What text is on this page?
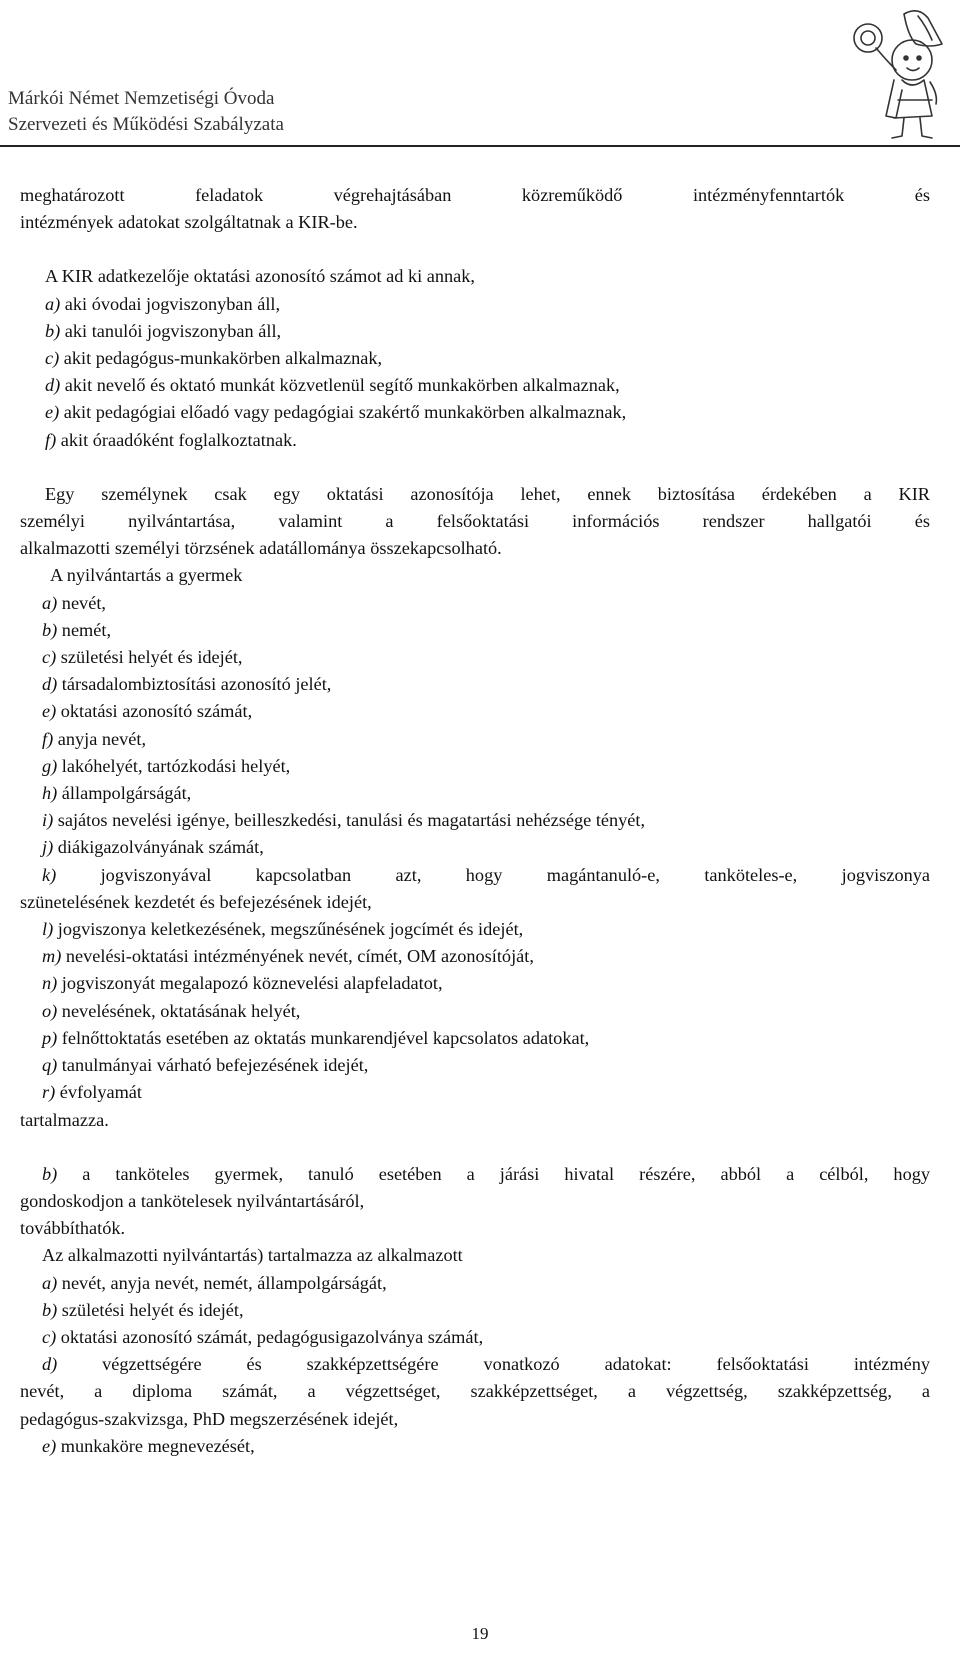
Márkói Német Nemzetiségi Óvoda
Szervezeti és Működési Szabályzata
meghatározott feladatok végrehajtásában közreműködő intézményfenntartók és
intézmények adatokat szolgáltatnak a KIR-be.
A KIR adatkezelője oktatási azonosító számot ad ki annak,
a) aki óvodai jogviszonyban áll,
b) aki tanulói jogviszonyban áll,
c) akit pedagógus-munkakörben alkalmaznak,
d) akit nevelő és oktató munkát közvetlenül segítő munkakörben alkalmaznak,
e) akit pedagógiai előadó vagy pedagógiai szakértő munkakörben alkalmaznak,
f) akit óraadóként foglalkoztatnak.
Egy személynek csak egy oktatási azonosítója lehet, ennek biztosítása érdekében a KIR
személyi nyilvántartása, valamint a felsőoktatási információs rendszer hallgatói és
alkalmazotti személyi törzsének adatállománya összekapcsolható.
A nyilvántartás a gyermek
a) nevét,
b) nemét,
c) születési helyét és idejét,
d) társadalombiztosítási azonosító jelét,
e) oktatási azonosító számát,
f) anyja nevét,
g) lakóhelyét, tartózkodási helyét,
h) állampolgárságát,
i) sajátos nevelési igénye, beilleszkedési, tanulási és magatartási nehézsége tényét,
j) diákigazolványának számát,
k) jogviszonyával kapcsolatban azt, hogy magántanuló-e, tanköteles-e, jogviszonya
szünetelésének kezdetét és befejezésének idejét,
l) jogviszonya keletkezésének, megszűnésének jogcímét és idejét,
m) nevelési-oktatási intézményének nevét, címét, OM azonosítóját,
n) jogviszonyát megalapozó köznevelési alapfeladatot,
o) nevelésének, oktatásának helyét,
p) felnőttoktatás esetében az oktatás munkarendjével kapcsolatos adatokat,
q) tanulmányai várható befejezésének idejét,
r) évfolyamát
tartalmazza.
b) a tanköteles gyermek, tanuló esetében a járási hivatal részére, abból a célból, hogy
gondoskodjon a tankötelesek nyilvántartásáról,
továbbíthatók.
Az alkalmazotti nyilvántartás) tartalmazza az alkalmazott
a) nevét, anyja nevét, nemét, állampolgárságát,
b) születési helyét és idejét,
c) oktatási azonosító számát, pedagógusigazolványa számát,
d) végzettségére és szakképzettségére vonatkozó adatokat: felsőoktatási intézmény
nevét, a diploma számát, a végzettséget, szakképzettséget, a végzettség, szakképzettség, a
pedagógus-szakvizsga, PhD megszerzésének idejét,
e) munkaköre megnevezését,
19
